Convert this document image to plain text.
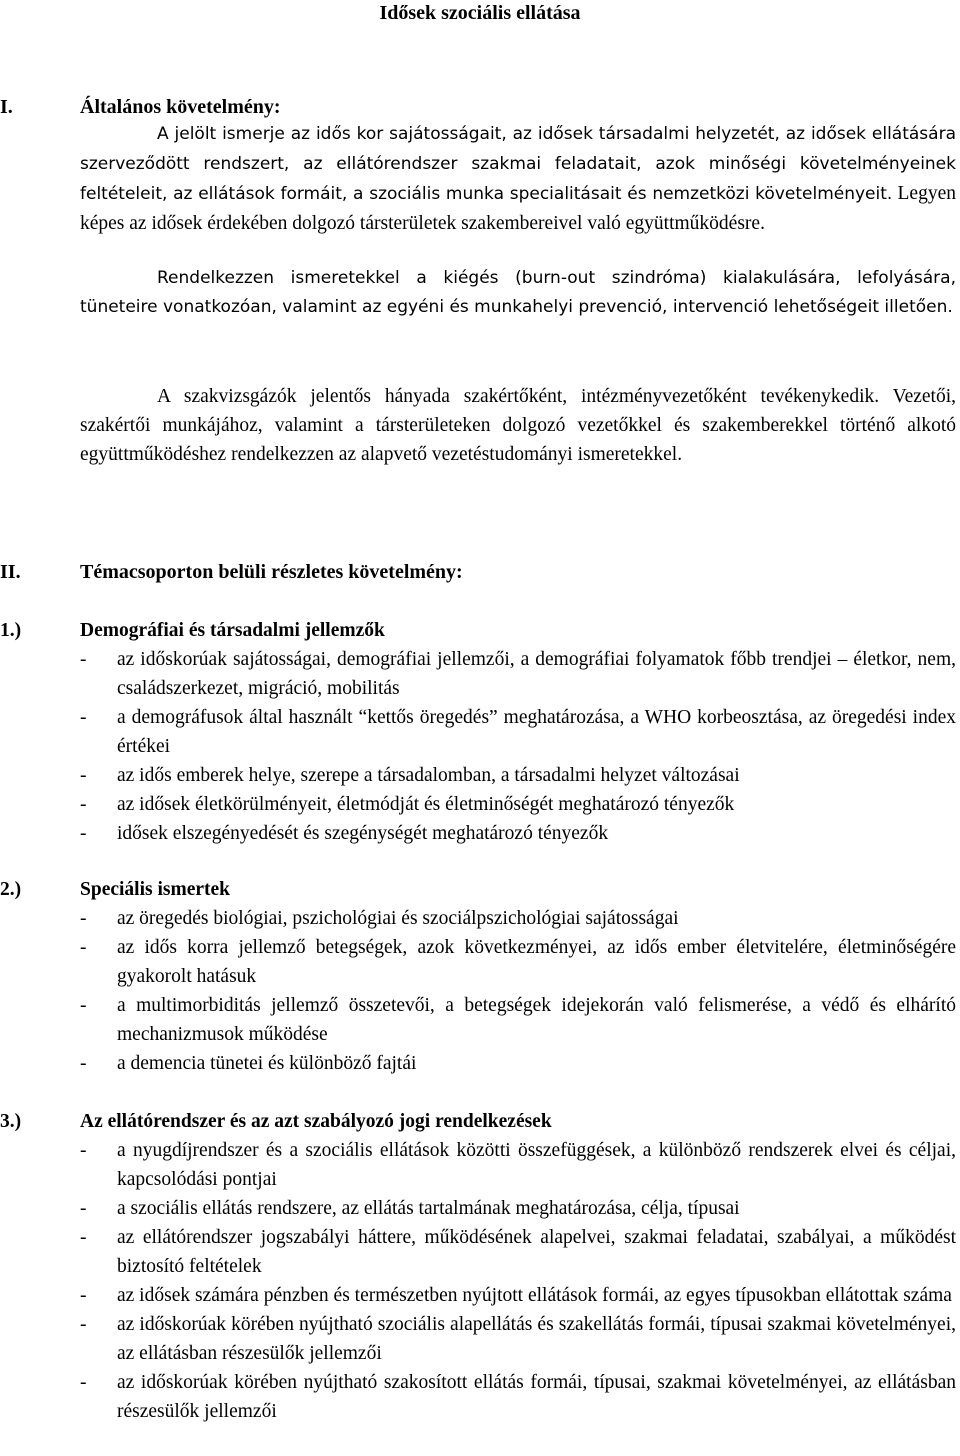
Idősek szociális ellátása
I.	Általános követelmény:
A jelölt ismerje az idős kor sajátosságait, az idősek társadalmi helyzetét, az idősek ellátására szerveződött rendszert, az ellátórendszer szakmai feladatait, azok minőségi követelményeinek feltételeit, az ellátások formáit, a szociális munka specialitásait és nemzetközi követelményeit. Legyen képes az idősek érdekében dolgozó társterületek szakembereivel való együttműködésre.
Rendelkezzen ismeretekkel a kiégés (burn-out szindróma) kialakulására, lefolyására, tüneteire vonatkozóan, valamint az egyéni és munkahelyi prevenció, intervenció lehetőségeit illetően.
A szakvizsgázók jelentős hányada szakértőként, intézményvezetőként tevékenykedik. Vezetői, szakértői munkájához, valamint a társterületeken dolgozó vezetőkkel és szakemberekkel történő alkotó együttműködéshez rendelkezzen az alapvető vezetéstudományi ismeretekkel.
II.	Témacsoporton belüli részletes követelmény:
1.)	Demográfiai és társadalmi jellemzők
- az időskorúak sajátosságai, demográfiai jellemzői, a demográfiai folyamatok főbb trendjei – életkor, nem, családszerkezet, migráció, mobilitás
- a demográfusok által használt “kettős öregedés” meghatározása, a WHO korbeosztása, az öregedési index értékei
- az idős emberek helye, szerepe a társadalomban, a társadalmi helyzet változásai
- az idősek életkörülményeit, életmódját és életminőségét meghatározó tényezők
- idősek elszegényedését és szegénységét meghatározó tényezők
2.)	Speciális ismertek
- az öregedés biológiai, pszichológiai és szociálpszichológiai sajátosságai
- az idős korra jellemző betegségek, azok következményei, az idős ember életvitelére, életminőségére gyakorolt hatásuk
- a multimorbiditás jellemző összetevői, a betegségek idejekorán való felismerése, a védő és elhárító mechanizmusok működése
- a demencia tünetei és különböző fajtái
3.)	Az ellátórendszer és az azt szabályozó jogi rendelkezések
- a nyugdíjrendszer és a szociális ellátások közötti összefüggések, a különböző rendszerek elvei és céljai, kapcsolódási pontjai
- a szociális ellátás rendszere, az ellátás tartalmának meghatározása, célja, típusai
- az ellátórendszer jogszabályi háttere, működésének alapelvei, szakmai feladatai, szabályai, a működést biztosító feltételek
- az idősek számára pénzben és természetben nyújtott ellátások formái, az egyes típusokban ellátottak száma
- az időskorúak körében nyújtható szociális alapellátás és szakellátás formái, típusai szakmai követelményei, az ellátásban részesülők jellemzői
- az időskorúak körében nyújtható szakosított ellátás formái, típusai, szakmai követelményei, az ellátásban részesülők jellemzői
